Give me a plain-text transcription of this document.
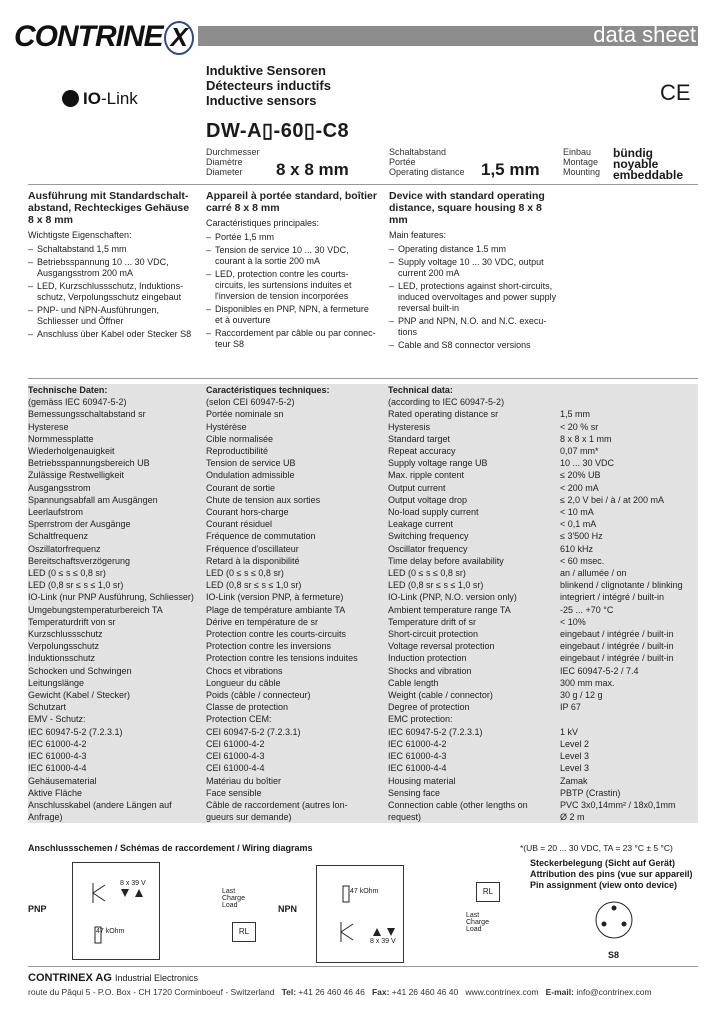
CONTRINE X	data sheet
IO-Link
Induktive Sensoren
Détecteurs inductifs
Inductive sensors	CE
DW-A▯-60▯-C8
Durchmesser
Diamètre
Diameter	8 x 8 mm
Schaltabstand
Portée
Operating distance 1,5 mm
Einbau
Montage
Mounting
bündig
noyable
embeddable
Ausführung mit Standardschaltabstand, Rechteckiges Gehäuse 8 x 8 mm
Wichtigste Eigenschaften:
– Schaltabstand 1,5 mm
– Betriebsspannung 10 ... 30 VDC, Ausgangsstrom 200 mA
– LED, Kurzschlussschutz, Induktionsschutz, Verpolungsschutz eingebaut
– PNP- und NPN-Ausführungen, Schliesser und Öffner
– Anschluss über Kabel oder Stecker S8
Appareil à portée standard, boîtier carré 8 x 8 mm
Caractéristiques principales:
– Portée 1,5 mm
– Tension de service 10 ... 30 VDC, courant à la sortie 200 mA
– LED, protection contre les courts-circuits, les surtensions induites et l'inversion de tension incorporées
– Disponibles en PNP, NPN, à fermeture et à ouverture
– Raccordement par câble ou par connecteur S8
Device with standard operating distance, square housing 8 x 8 mm
Main features:
– Operating distance 1.5 mm
– Supply voltage 10 ... 30 VDC, output current 200 mA
– LED, protections against short-circuits, induced overvoltages and power supply reversal built-in
– PNP and NPN, N.O. and N.C. executions
– Cable and S8 connector versions
Technische Daten:	Caractéristiques techniques:	Technical data:
(gemäss IEC 60947-5-2)	(selon CEI 60947-5-2)	(according to IEC 60947-5-2)
Bemessungsschaltabstand sr	Portée nominale sn	Rated operating distance sr	1,5 mm
Hysterese	Hystérèse	Hysteresis	< 20 % sr
Normmessplatte	Cible normalisée	Standard target	8 x 8 x 1 mm
Wiederholgenauigkeit	Reproductibilité	Repeat accuracy	0,07 mm*
Betriebsspannungsbereich UB	Tension de service UB	Supply voltage range UB	10 ... 30 VDC
Zulässige Restwelligkeit	Ondulation admissible	Max. ripple content	≤ 20% UB
Ausgangsstrom	Courant de sortie	Output current	< 200 mA
Spannungsabfall am Ausgängen	Chute de tension aux sorties	Output voltage drop	≤ 2,0 V bei / à / at 200 mA
Leerlaufstrom	Courant hors-charge	No-load supply current	< 10 mA
Sperrstrom der Ausgänge	Courant résiduel	Leakage current	< 0,1 mA
Schaltfrequenz	Fréquence de commutation	Switching frequency	≤ 3'500 Hz
Oszillatorfrequenz	Fréquence d'oscillateur	Oscillator frequency	610 kHz
Bereitschaftsverzögerung	Retard à la disponibilité	Time delay before availability	< 60 msec.
LED (0 ≤ s ≤ 0,8 sr)	LED (0 ≤ s ≤ 0,8 sr)	LED (0 ≤ s ≤ 0,8 sr)	an / allumée / on
LED (0,8 sr ≤ s ≤ 1,0 sr)	LED (0,8 sr ≤ s ≤ 1,0 sr)	LED (0,8 sr ≤ s ≤ 1,0 sr)	blinkend / clignotante / blinking
IO-Link (nur PNP Ausführung, Schliesser)	IO-Link (version PNP, à fermeture)	IO-Link (PNP, N.O. version only)	integriert / intégré / built-in
Umgebungstemperaturbereich TA	Plage de température ambiante TA	Ambient temperature range TA	-25 ... +70 °C
Temperaturdrift von sr	Dérive en température de sr	Temperature drift of sr	< 10%
Kurzschlussschutz	Protection contre les courts-circuits	Short-circuit protection	eingebaut / intégrée / built-in
Verpolungsschutz	Protection contre les inversions	Voltage reversal protection	eingebaut / intégrée / built-in
Induktionsschutz	Protection contre les tensions induites	Induction protection	eingebaut / intégrée / built-in
Schocken und Schwingen	Chocs et vibrations	Shocks and vibration	IEC 60947-5-2 / 7.4
Leitungslänge	Longueur du câble	Cable length	300 mm max.
Gewicht (Kabel / Stecker)	Poids (câble / connecteur)	Weight (cable / connector)	30 g / 12 g
Schutzart	Classe de protection	Degree of protection	IP 67
EMV - Schutz:	Protection CEM:	EMC protection:
IEC 60947-5-2 (7.2.3.1)	CEI 60947-5-2 (7.2.3.1)	IEC 60947-5-2 (7.2.3.1)	1 kV
IEC 61000-4-2	CEI 61000-4-2	IEC 61000-4-2	Level 2
IEC 61000-4-3	CEI 61000-4-3	IEC 61000-4-3	Level 3
IEC 61000-4-4	CEI 61000-4-4	IEC 61000-4-4	Level 3
Gehäusematerial	Matériau du boîtier	Housing material	Zamak
Aktive Fläche	Face sensible	Sensing face	PBTP (Crastin)
Anschlusskabel (andere Längen auf	Câble de raccordement (autres lon-	Connection cable (other lengths on	PVC 3x0,14mm² / 18x0,1mm
Anfrage)	gueurs sur demande)	request)	Ø 2 m
Anschlussschemen / Schémas de raccordement / Wiring diagrams	*(UB = 20 ... 30 VDC, TA = 23 °C ± 5 °C)
PNP
8 x 39 V
47 kOhm	RL
Last
Charge
Load	NPN
47 kOhm
8 x 39 V
RL
Last
Charge
Load
Steckerbelegung (Sicht auf Gerät)
Attribution des pins (vue sur appareil)
Pin assignment (view onto device)
S8
CONTRINEX AG Industrial Electronics
route du Pâqui 5 - P.O. Box - CH 1720 Corminboeuf - Switzerland Tel: +41 26 460 46 46 Fax: +41 26 460 46 40 www.contrinex.com E-mail: info@contrinex.com
